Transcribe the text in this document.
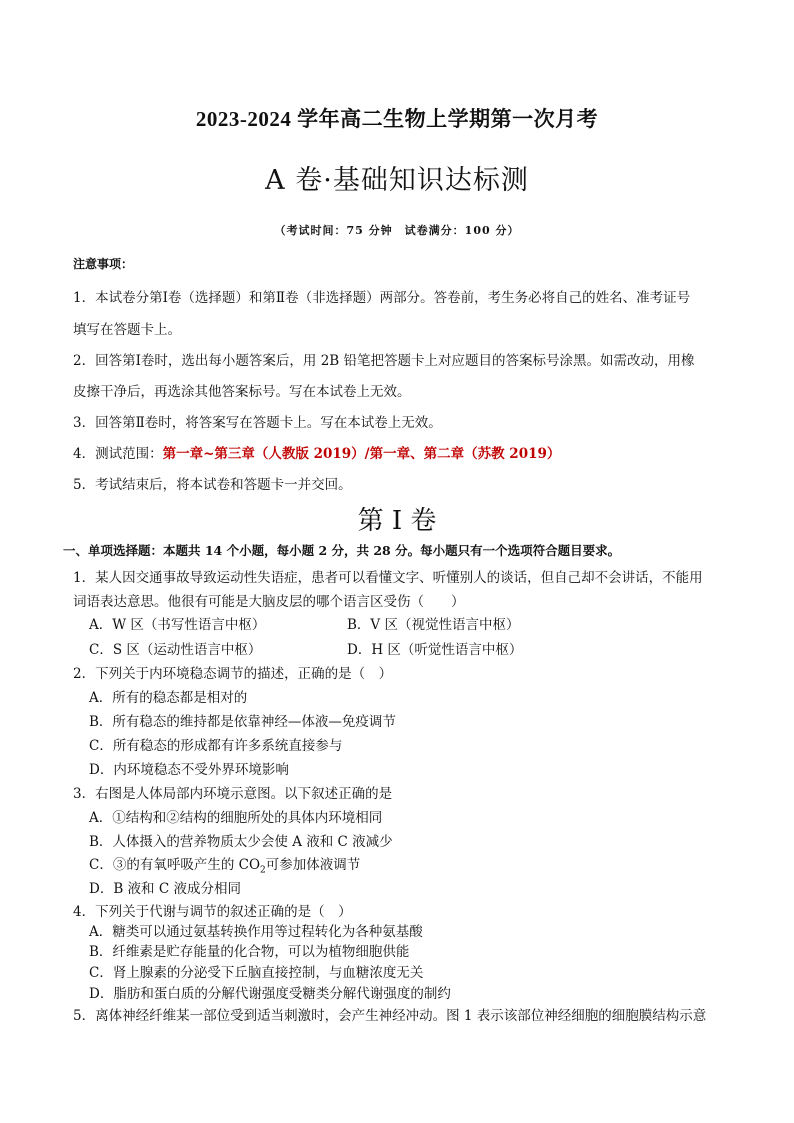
2023-2024 学年高二生物上学期第一次月考
A 卷·基础知识达标测
（考试时间：75 分钟　试卷满分：100 分）
注意事项：
1．本试卷分第Ⅰ卷（选择题）和第Ⅱ卷（非选择题）两部分。答卷前，考生务必将自己的姓名、准考证号
填写在答题卡上。
2．回答第Ⅰ卷时，选出每小题答案后，用 2B 铅笔把答题卡上对应题目的答案标号涂黑。如需改动，用橡
皮擦干净后，再选涂其他答案标号。写在本试卷上无效。
3．回答第Ⅱ卷时，将答案写在答题卡上。写在本试卷上无效。
4．测试范围：第一章~第三章（人教版 2019）/第一章、第二章（苏教 2019）
5．考试结束后，将本试卷和答题卡一并交回。
第 I 卷
一、单项选择题：本题共 14 个小题，每小题 2 分，共 28 分。每小题只有一个选项符合题目要求。
1．某人因交通事故导致运动性失语症，患者可以看懂文字、听懂别人的谈话，但自己却不会讲话，不能用
词语表达意思。他很有可能是大脑皮层的哪个语言区受伤（　　）
A．W 区（书写性语言中枢）	B．V 区（视觉性语言中枢）
C．S 区（运动性语言中枢）	D．H 区（听觉性语言中枢）
2．下列关于内环境稳态调节的描述，正确的是（　）
A．所有的稳态都是相对的
B．所有稳态的维持都是依靠神经—体液—免疫调节
C．所有稳态的形成都有许多系统直接参与
D．内环境稳态不受外界环境影响
3．右图是人体局部内环境示意图。以下叙述正确的是
A．①结构和②结构的细胞所处的具体内环境相同
B．人体摄入的营养物质太少会使 A 液和 C 液减少
C．③的有氧呼吸产生的 $CO_2$可参加体液调节
D．B 液和 C 液成分相同
4．下列关于代谢与调节的叙述正确的是（　）
A．糖类可以通过氨基转换作用等过程转化为各种氨基酸
B．纤维素是贮存能量的化合物，可以为植物细胞供能
C．肾上腺素的分泌受下丘脑直接控制，与血糖浓度无关
D．脂肪和蛋白质的分解代谢强度受糖类分解代谢强度的制约
5．离体神经纤维某一部位受到适当刺激时，会产生神经冲动。图 1 表示该部位神经细胞的细胞膜结构示意
